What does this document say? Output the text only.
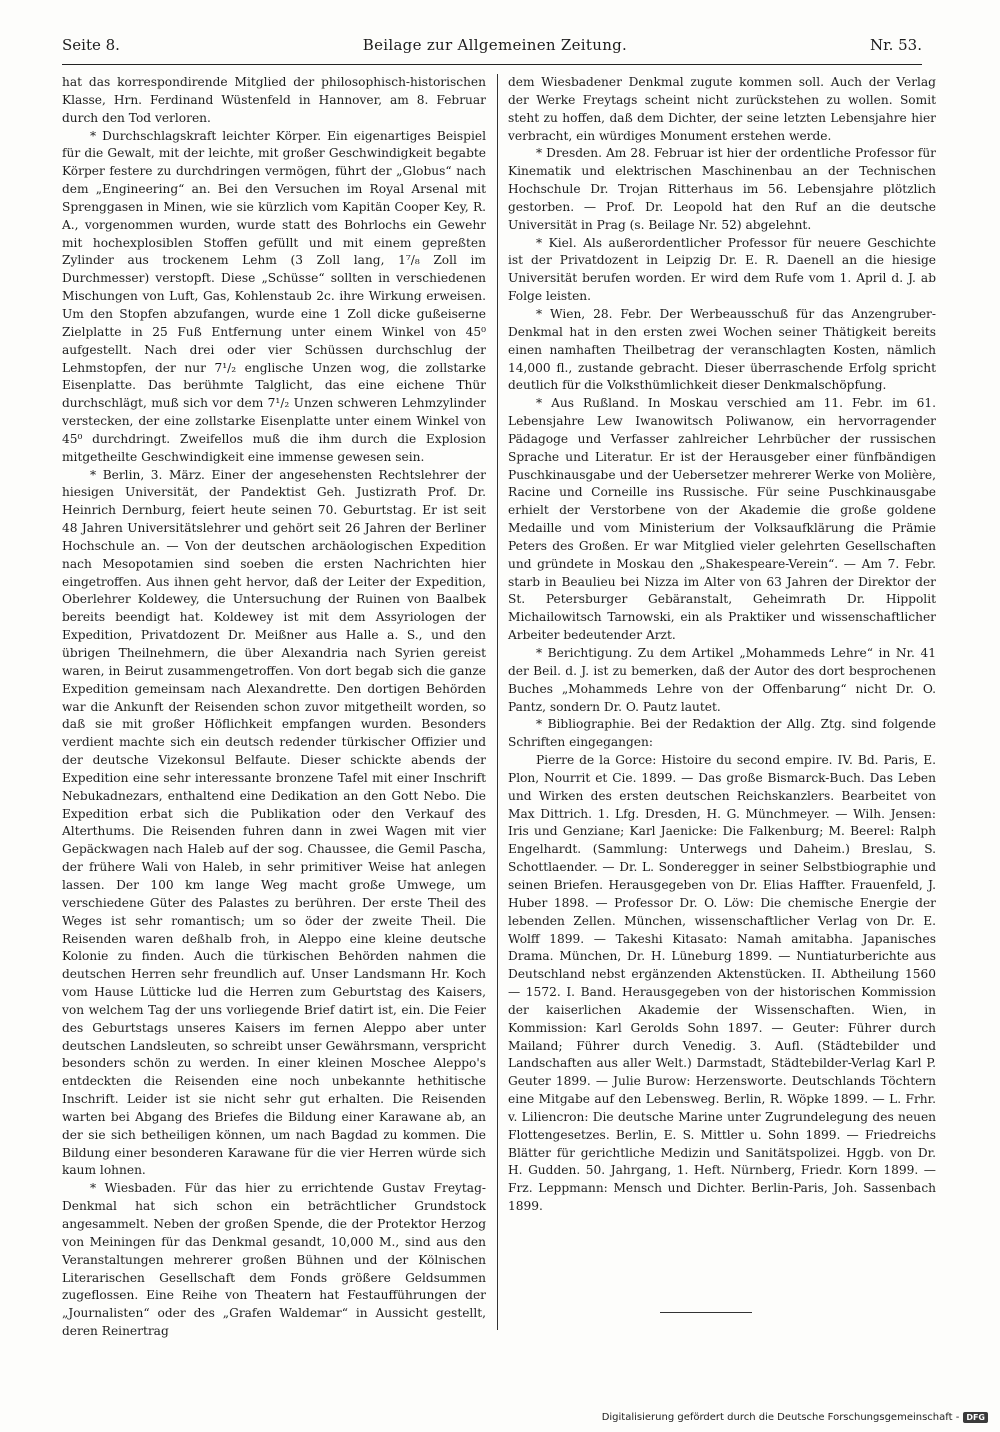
Seite 8.	Beilage zur Allgemeinen Zeitung.	Nr. 53.

hat das korrespondirende Mitglied der philosophisch-historischen Klasse, Hrn. Ferdinand Wüstenfeld in Hannover, am 8. Februar durch den Tod verloren.

* Durchschlagskraft leichter Körper. Ein eigenartiges Beispiel für die Gewalt, mit der leichte, mit großer Geschwindigkeit begabte Körper festere zu durchdringen vermögen, führt der „Globus“ nach dem „Engineering“ an. Bei den Versuchen im Royal Arsenal mit Sprenggasen in Minen, wie sie kürzlich vom Kapitän Cooper Key, R. A., vorgenommen wurden, wurde statt des Bohrlochs ein Gewehr mit hochexplosiblen Stoffen gefüllt und mit einem gepreßten Zylinder aus trockenem Lehm (3 Zoll lang, 1⁷/₈ Zoll im Durchmesser) verstopft. Diese „Schüsse“ sollten in verschiedenen Mischungen von Luft, Gas, Kohlenstaub 2c. ihre Wirkung erweisen. Um den Stopfen abzufangen, wurde eine 1 Zoll dicke gußeiserne Zielplatte in 25 Fuß Entfernung unter einem Winkel von 45⁰ aufgestellt. Nach drei oder vier Schüssen durchschlug der Lehmstopfen, der nur 7¹/₂ englische Unzen wog, die zollstarke Eisenplatte. Das berühmte Talglicht, das eine eichene Thür durchschlägt, muß sich vor dem 7¹/₂ Unzen schweren Lehmzylinder verstecken, der eine zollstarke Eisenplatte unter einem Winkel von 45⁰ durchdringt. Zweifellos muß die ihm durch die Explosion mitgetheilte Geschwindigkeit eine immense gewesen sein.

* Berlin, 3. März. Einer der angesehensten Rechtslehrer der hiesigen Universität, der Pandektist Geh. Justizrath Prof. Dr. Heinrich Dernburg, feiert heute seinen 70. Geburtstag. Er ist seit 48 Jahren Universitätslehrer und gehört seit 26 Jahren der Berliner Hochschule an. — Von der deutschen archäologischen Expedition nach Mesopotamien sind soeben die ersten Nachrichten hier eingetroffen. Aus ihnen geht hervor, daß der Leiter der Expedition, Oberlehrer Koldewey, die Untersuchung der Ruinen von Baalbek bereits beendigt hat. Koldewey ist mit dem Assyriologen der Expedition, Privatdozent Dr. Meißner aus Halle a. S., und den übrigen Theilnehmern, die über Alexandria nach Syrien gereist waren, in Beirut zusammengetroffen. Von dort begab sich die ganze Expedition gemeinsam nach Alexandrette. Den dortigen Behörden war die Ankunft der Reisenden schon zuvor mitgetheilt worden, so daß sie mit großer Höflichkeit empfangen wurden. Besonders verdient machte sich ein deutsch redender türkischer Offizier und der deutsche Vizekonsul Belfaute. Dieser schickte abends der Expedition eine sehr interessante bronzene Tafel mit einer Inschrift Nebukadnezars, enthaltend eine Dedikation an den Gott Nebo. Die Expedition erbat sich die Publikation oder den Verkauf des Alterthums. Die Reisenden fuhren dann in zwei Wagen mit vier Gepäckwagen nach Haleb auf der sog. Chaussee, die Gemil Pascha, der frühere Wali von Haleb, in sehr primitiver Weise hat anlegen lassen. Der 100 km lange Weg macht große Umwege, um verschiedene Güter des Palastes zu berühren. Der erste Theil des Weges ist sehr romantisch; um so öder der zweite Theil. Die Reisenden waren deßhalb froh, in Aleppo eine kleine deutsche Kolonie zu finden. Auch die türkischen Behörden nahmen die deutschen Herren sehr freundlich auf. Unser Landsmann Hr. Koch vom Hause Lütticke lud die Herren zum Geburtstag des Kaisers, von welchem Tag der uns vorliegende Brief datirt ist, ein. Die Feier des Geburtstags unseres Kaisers im fernen Aleppo aber unter deutschen Landsleuten, so schreibt unser Gewährsmann, verspricht besonders schön zu werden. In einer kleinen Moschee Aleppo's entdeckten die Reisenden eine noch unbekannte hethitische Inschrift. Leider ist sie nicht sehr gut erhalten. Die Reisenden warten bei Abgang des Briefes die Bildung einer Karawane ab, an der sie sich betheiligen können, um nach Bagdad zu kommen. Die Bildung einer besonderen Karawane für die vier Herren würde sich kaum lohnen.

* Wiesbaden. Für das hier zu errichtende Gustav Freytag-Denkmal hat sich schon ein beträchtlicher Grundstock angesammelt. Neben der großen Spende, die der Protektor Herzog von Meiningen für das Denkmal gesandt, 10,000 M., sind aus den Veranstaltungen mehrerer großen Bühnen und der Kölnischen Literarischen Gesellschaft dem Fonds größere Geldsummen zugeflossen. Eine Reihe von Theatern hat Festaufführungen der „Journalisten“ oder des „Grafen Waldemar“ in Aussicht gestellt, deren Reinertrag

dem Wiesbadener Denkmal zugute kommen soll. Auch der Verlag der Werke Freytags scheint nicht zurückstehen zu wollen. Somit steht zu hoffen, daß dem Dichter, der seine letzten Lebensjahre hier verbracht, ein würdiges Monument erstehen werde.

* Dresden. Am 28. Februar ist hier der ordentliche Professor für Kinematik und elektrischen Maschinenbau an der Technischen Hochschule Dr. Trojan Ritterhaus im 56. Lebensjahre plötzlich gestorben. — Prof. Dr. Leopold hat den Ruf an die deutsche Universität in Prag (s. Beilage Nr. 52) abgelehnt.

* Kiel. Als außerordentlicher Professor für neuere Geschichte ist der Privatdozent in Leipzig Dr. E. R. Daenell an die hiesige Universität berufen worden. Er wird dem Rufe vom 1. April d. J. ab Folge leisten.

* Wien, 28. Febr. Der Werbeausschuß für das Anzengruber-Denkmal hat in den ersten zwei Wochen seiner Thätigkeit bereits einen namhaften Theilbetrag der veranschlagten Kosten, nämlich 14,000 fl., zustande gebracht. Dieser überraschende Erfolg spricht deutlich für die Volksthümlichkeit dieser Denkmalschöpfung.

* Aus Rußland. In Moskau verschied am 11. Febr. im 61. Lebensjahre Lew Iwanowitsch Poliwanow, ein hervorragender Pädagoge und Verfasser zahlreicher Lehrbücher der russischen Sprache und Literatur. Er ist der Herausgeber einer fünfbändigen Puschkinausgabe und der Uebersetzer mehrerer Werke von Molière, Racine und Corneille ins Russische. Für seine Puschkinausgabe erhielt der Verstorbene von der Akademie die große goldene Medaille und vom Ministerium der Volksaufklärung die Prämie Peters des Großen. Er war Mitglied vieler gelehrten Gesellschaften und gründete in Moskau den „Shakespeare-Verein“. — Am 7. Febr. starb in Beaulieu bei Nizza im Alter von 63 Jahren der Direktor der St. Petersburger Gebäranstalt, Geheimrath Dr. Hippolit Michailowitsch Tarnowski, ein als Praktiker und wissenschaftlicher Arbeiter bedeutender Arzt.

* Berichtigung. Zu dem Artikel „Mohammeds Lehre“ in Nr. 41 der Beil. d. J. ist zu bemerken, daß der Autor des dort besprochenen Buches „Mohammeds Lehre von der Offenbarung“ nicht Dr. O. Pantz, sondern Dr. O. Pautz lautet.

* Bibliographie. Bei der Redaktion der Allg. Ztg. sind folgende Schriften eingegangen:

Pierre de la Gorce: Histoire du second empire. IV. Bd. Paris, E. Plon, Nourrit et Cie. 1899. — Das große Bismarck-Buch. Das Leben und Wirken des ersten deutschen Reichskanzlers. Bearbeitet von Max Dittrich. 1. Lfg. Dresden, H. G. Münchmeyer. — Wilh. Jensen: Iris und Genziane; Karl Jaenicke: Die Falkenburg; M. Beerel: Ralph Engelhardt. (Sammlung: Unterwegs und Daheim.) Breslau, S. Schottlaender. — Dr. L. Sonderegger in seiner Selbstbiographie und seinen Briefen. Herausgegeben von Dr. Elias Haffter. Frauenfeld, J. Huber 1898. — Professor Dr. O. Löw: Die chemische Energie der lebenden Zellen. München, wissenschaftlicher Verlag von Dr. E. Wolff 1899. — Takeshi Kitasato: Namah amitabha. Japanisches Drama. München, Dr. H. Lüneburg 1899. — Nuntiaturberichte aus Deutschland nebst ergänzenden Aktenstücken. II. Abtheilung 1560 — 1572. I. Band. Herausgegeben von der historischen Kommission der kaiserlichen Akademie der Wissenschaften. Wien, in Kommission: Karl Gerolds Sohn 1897. — Geuter: Führer durch Mailand; Führer durch Venedig. 3. Aufl. (Städtebilder und Landschaften aus aller Welt.) Darmstadt, Städtebilder-Verlag Karl P. Geuter 1899. — Julie Burow: Herzensworte. Deutschlands Töchtern eine Mitgabe auf den Lebensweg. Berlin, R. Wöpke 1899. — L. Frhr. v. Liliencron: Die deutsche Marine unter Zugrundelegung des neuen Flottengesetzes. Berlin, E. S. Mittler u. Sohn 1899. — Friedreichs Blätter für gerichtliche Medizin und Sanitätspolizei. Hggb. von Dr. H. Gudden. 50. Jahrgang, 1. Heft. Nürnberg, Friedr. Korn 1899. — Frz. Leppmann: Mensch und Dichter. Berlin-Paris, Joh. Sassenbach 1899.

Digitalisierung gefördert durch die Deutsche Forschungsgemeinschaft - DFG
